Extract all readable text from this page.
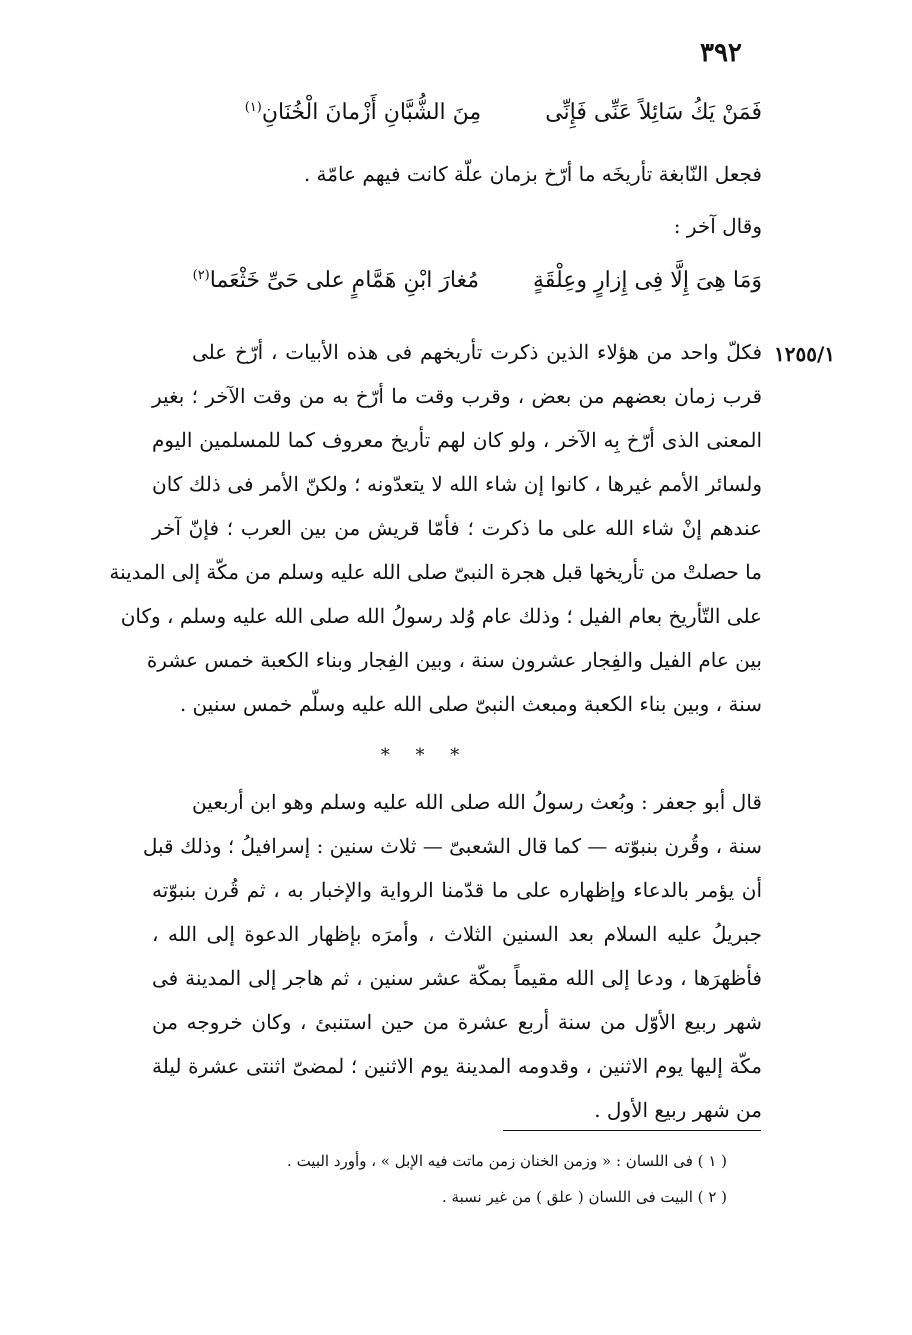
٣٩٢
فَمَنْ يَكُ سَائِلاً عَنِّى فَإِنِّى  مِنَ الشُّبَّانِ أَزْمانَ الْخُنَانِ$^{(١)}$
فجعل النّابغة تأريخَه ما أرّخ بزمان علّة كانت فيهم عامّة .
وقال آخر :
وَمَا هِىَ إِلَّا فِى إِزارٍ وعِلْقَةٍ  مُغارَ ابْنِ هَمَّامٍ على حَىِّ خَثْعَما$^{(٢)}$
١٢٥٥/١
فكلّ واحد من هؤلاء الذين ذكرت تأريخهم فى هذه الأبيات ، أرّخ على
قرب زمان بعضهم من بعض ، وقرب وقت ما أرّخ به من وقت الآخر ؛ بغير
المعنى الذى أرّخ بِه الآخر ، ولو كان لهم تأريخ معروف كما للمسلمين اليوم
ولسائر الأمم غيرها ، كانوا إن شاء الله لا يتعدّونه ؛ ولكنّ الأمر فى ذلك كان
عندهم إنْ شاء الله على ما ذكرت ؛ فأمّا قريش من بين العرب ؛ فإنّ آخر
ما حصلتْ من تأريخها قبل هجرة النبىّ صلى الله عليه وسلم من مكّة إلى المدينة
على التّأريخ بعام الفيل ؛ وذلك عام وُلد رسولُ الله صلى الله عليه وسلم ، وكان
بين عام الفيل والفِجار عشرون سنة ، وبين الفِجار وبناء الكعبة خمس عشرة
سنة ، وبين بناء الكعبة ومبعث النبىّ صلى الله عليه وسلّم خمس سنين .
* * *
قال أبو جعفر : وبُعث رسولُ الله صلى الله عليه وسلم وهو ابن أربعين
سنة ، وقُرن بنبوّته — كما قال الشعبىّ — ثلاث سنين : إسرافيلُ ؛ وذلك قبل
أن يؤمر بالدعاء وإظهاره على ما قدّمنا الرواية والإخبار به ، ثم قُرن بنبوّته
جبريلُ عليه السلام بعد السنين الثلاث ، وأمرَه بإظهار الدعوة إلى الله ،
فأظهرَها ، ودعا إلى الله مقيماً بمكّة عشر سنين ، ثم هاجر إلى المدينة فى
شهر ربيع الأوّل من سنة أربع عشرة من حين استنبئ ، وكان خروجه من
مكّة إليها يوم الاثنين ، وقدومه المدينة يوم الاثنين ؛ لمضىّ اثنتى عشرة ليلة
من شهر ربيع الأول .
( ١ ) فى اللسان : « وزمن الخنان زمن ماتت فيه الإبل » ، وأورد البيت .
( ٢ ) البيت فى اللسان ( علق ) من غير نسبة .
